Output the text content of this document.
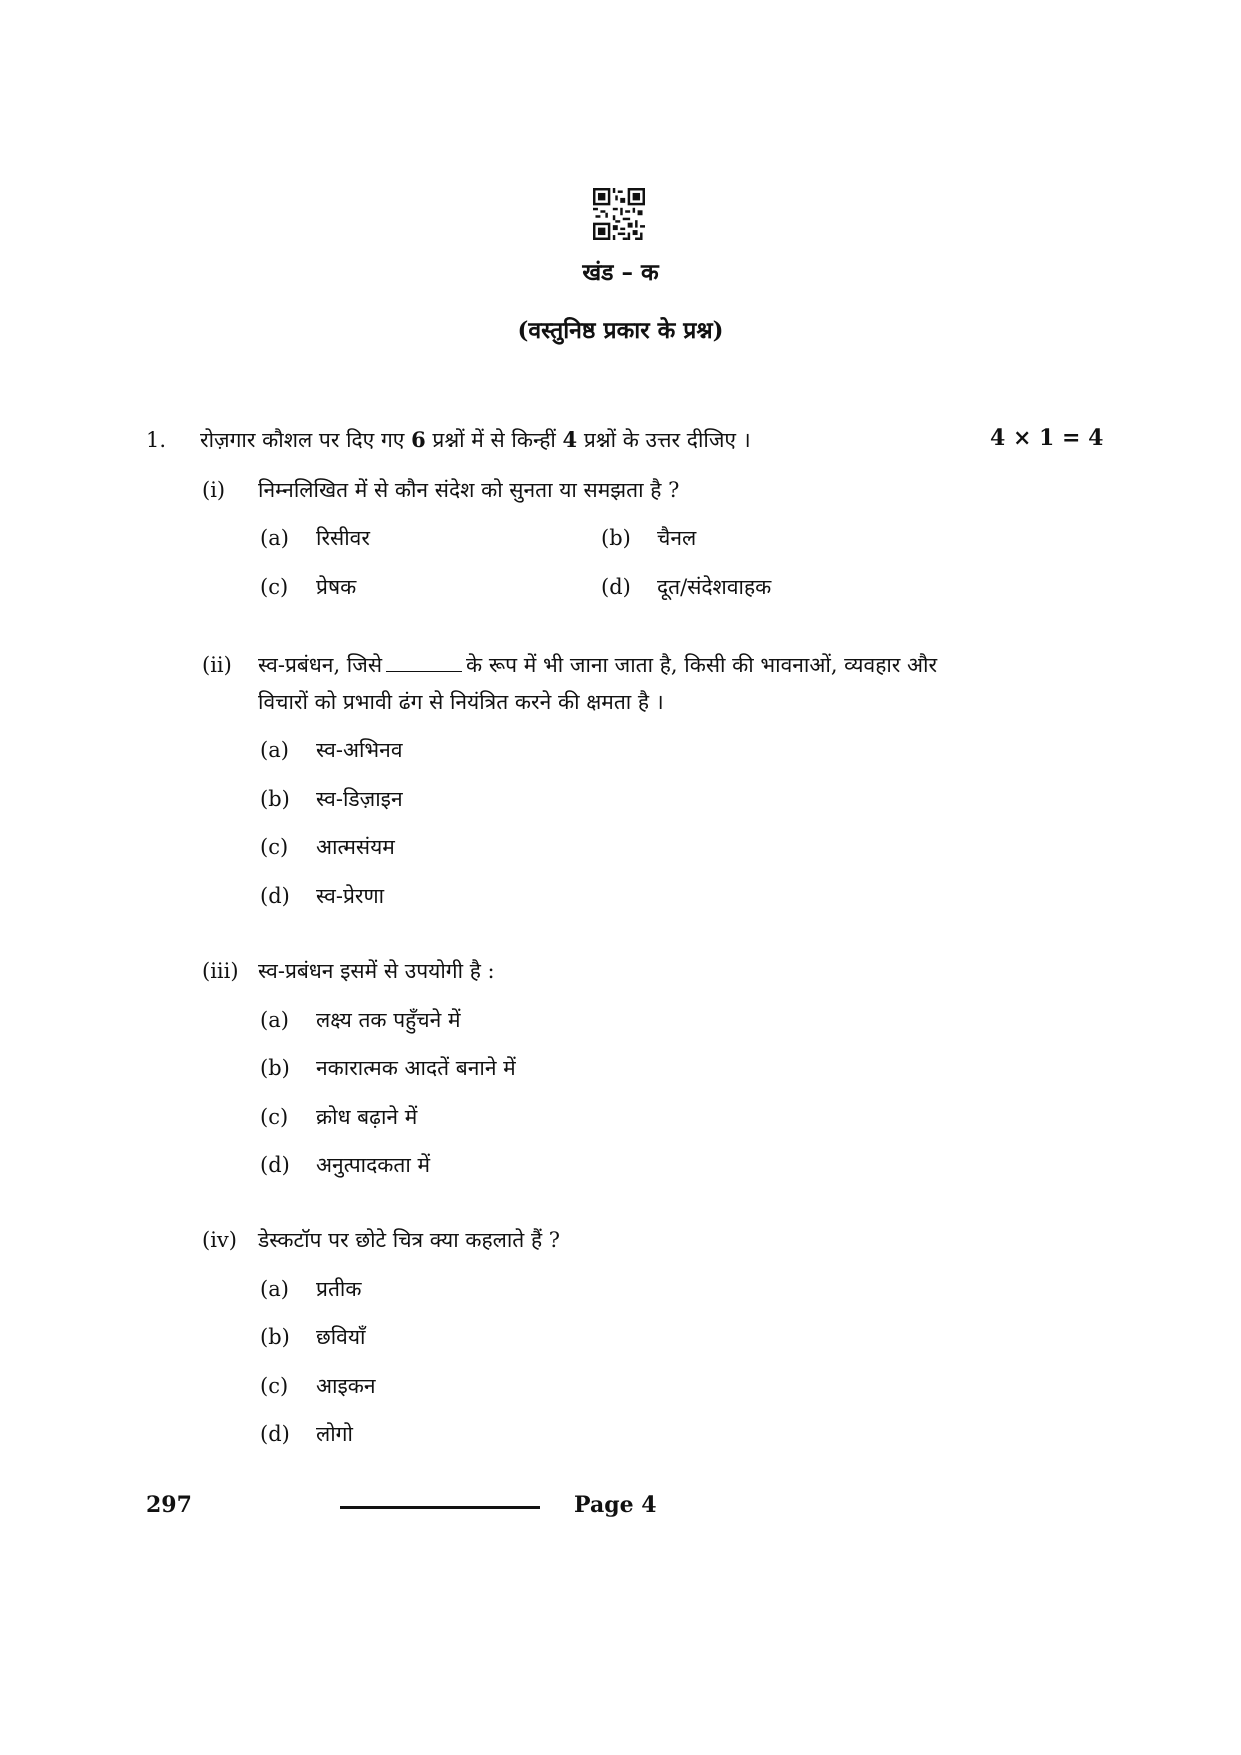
खंड – क
(वस्तुनिष्ठ प्रकार के प्रश्न)
1. रोज़गार कौशल पर दिए गए 6 प्रश्नों में से किन्हीं 4 प्रश्नों के उत्तर दीजिए ।	4 × 1 = 4
(i) निम्नलिखित में से कौन संदेश को सुनता या समझता है ?
(a) रिसीवर	(b) चैनल
(c) प्रेषक	(d) दूत/संदेशवाहक
(ii) स्व-प्रबंधन, जिसे	के रूप में भी जाना जाता है, किसी की भावनाओं, व्यवहार और
विचारों को प्रभावी ढंग से नियंत्रित करने की क्षमता है ।
(a) स्व-अभिनव
(b) स्व-डिज़ाइन
(c) आत्मसंयम
(d) स्व-प्रेरणा
(iii) स्व-प्रबंधन इसमें से उपयोगी है :
(a) लक्ष्य तक पहुँचने में
(b) नकारात्मक आदतें बनाने में
(c) क्रोध बढ़ाने में
(d) अनुत्पादकता में
(iv) डेस्कटॉप पर छोटे चित्र क्या कहलाते हैं ?
(a) प्रतीक
(b) छवियाँ
(c) आइकन
(d) लोगो
297	Page 4
